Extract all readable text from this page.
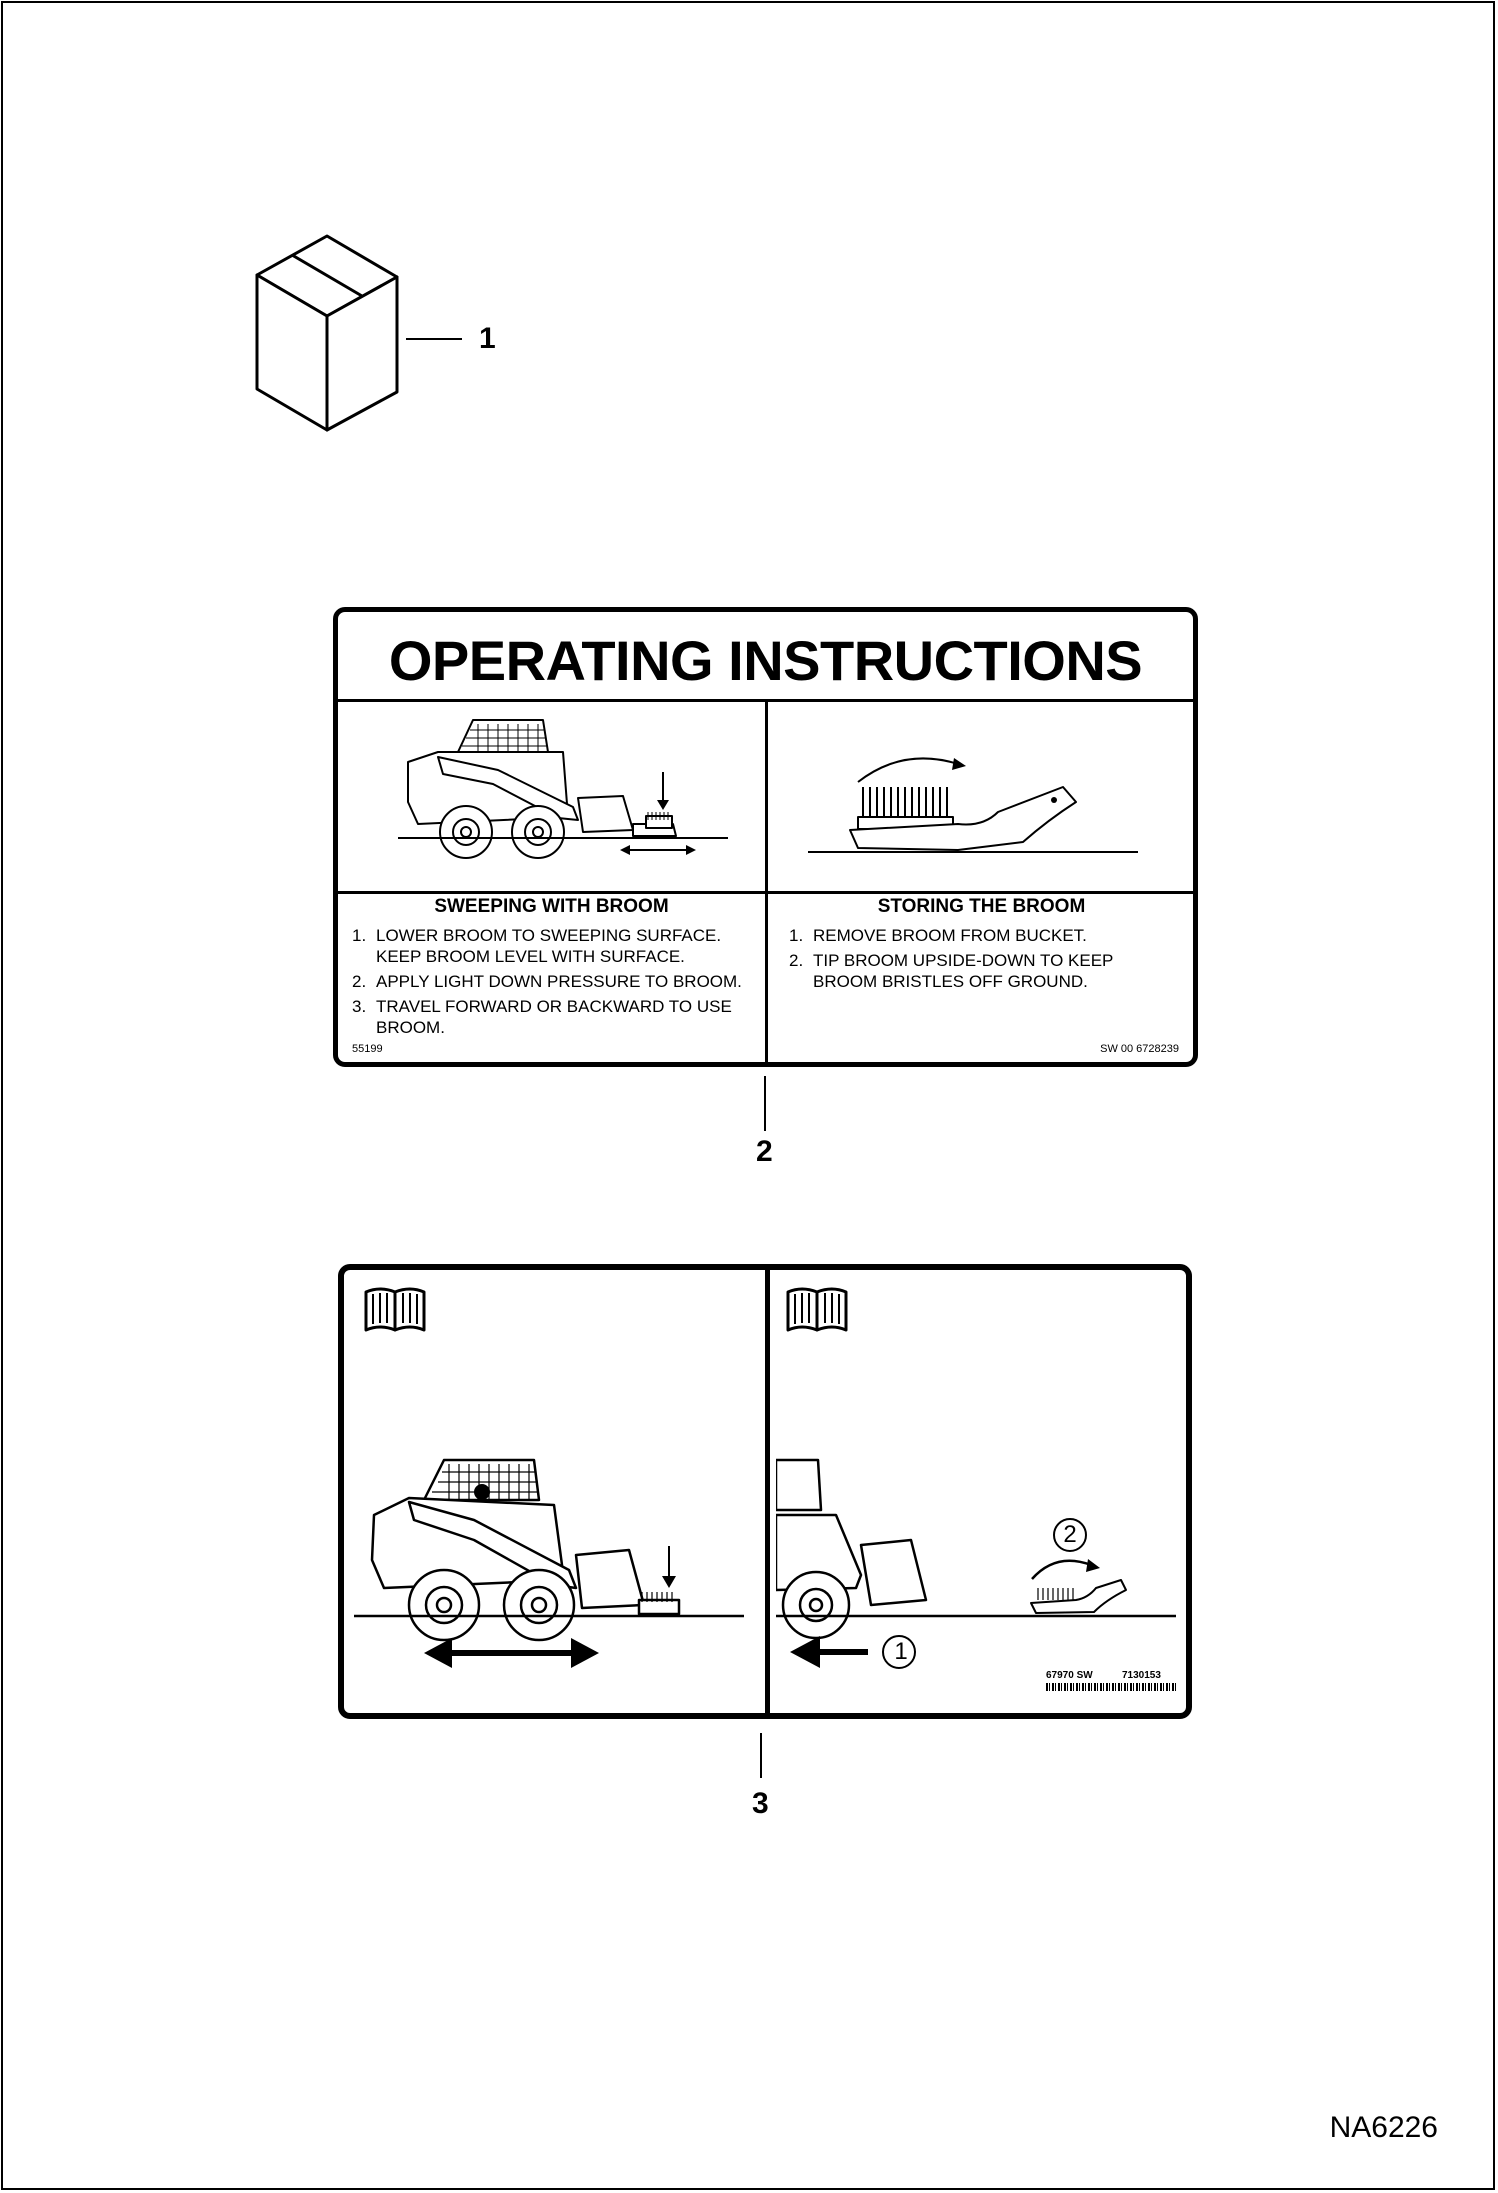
1
OPERATING INSTRUCTIONS
SWEEPING WITH BROOM	STORING THE BROOM
1. LOWER BROOM TO SWEEPING SURFACE. KEEP BROOM LEVEL WITH SURFACE.
2. APPLY LIGHT DOWN PRESSURE TO BROOM.
3. TRAVEL FORWARD OR BACKWARD TO USE BROOM.
1. REMOVE BROOM FROM BUCKET.
2. TIP BROOM UPSIDE-DOWN TO KEEP BROOM BRISTLES OFF GROUND.
55199	SW 00 6728239
2
1
2
67970 SW	7130153
3
NA6226
